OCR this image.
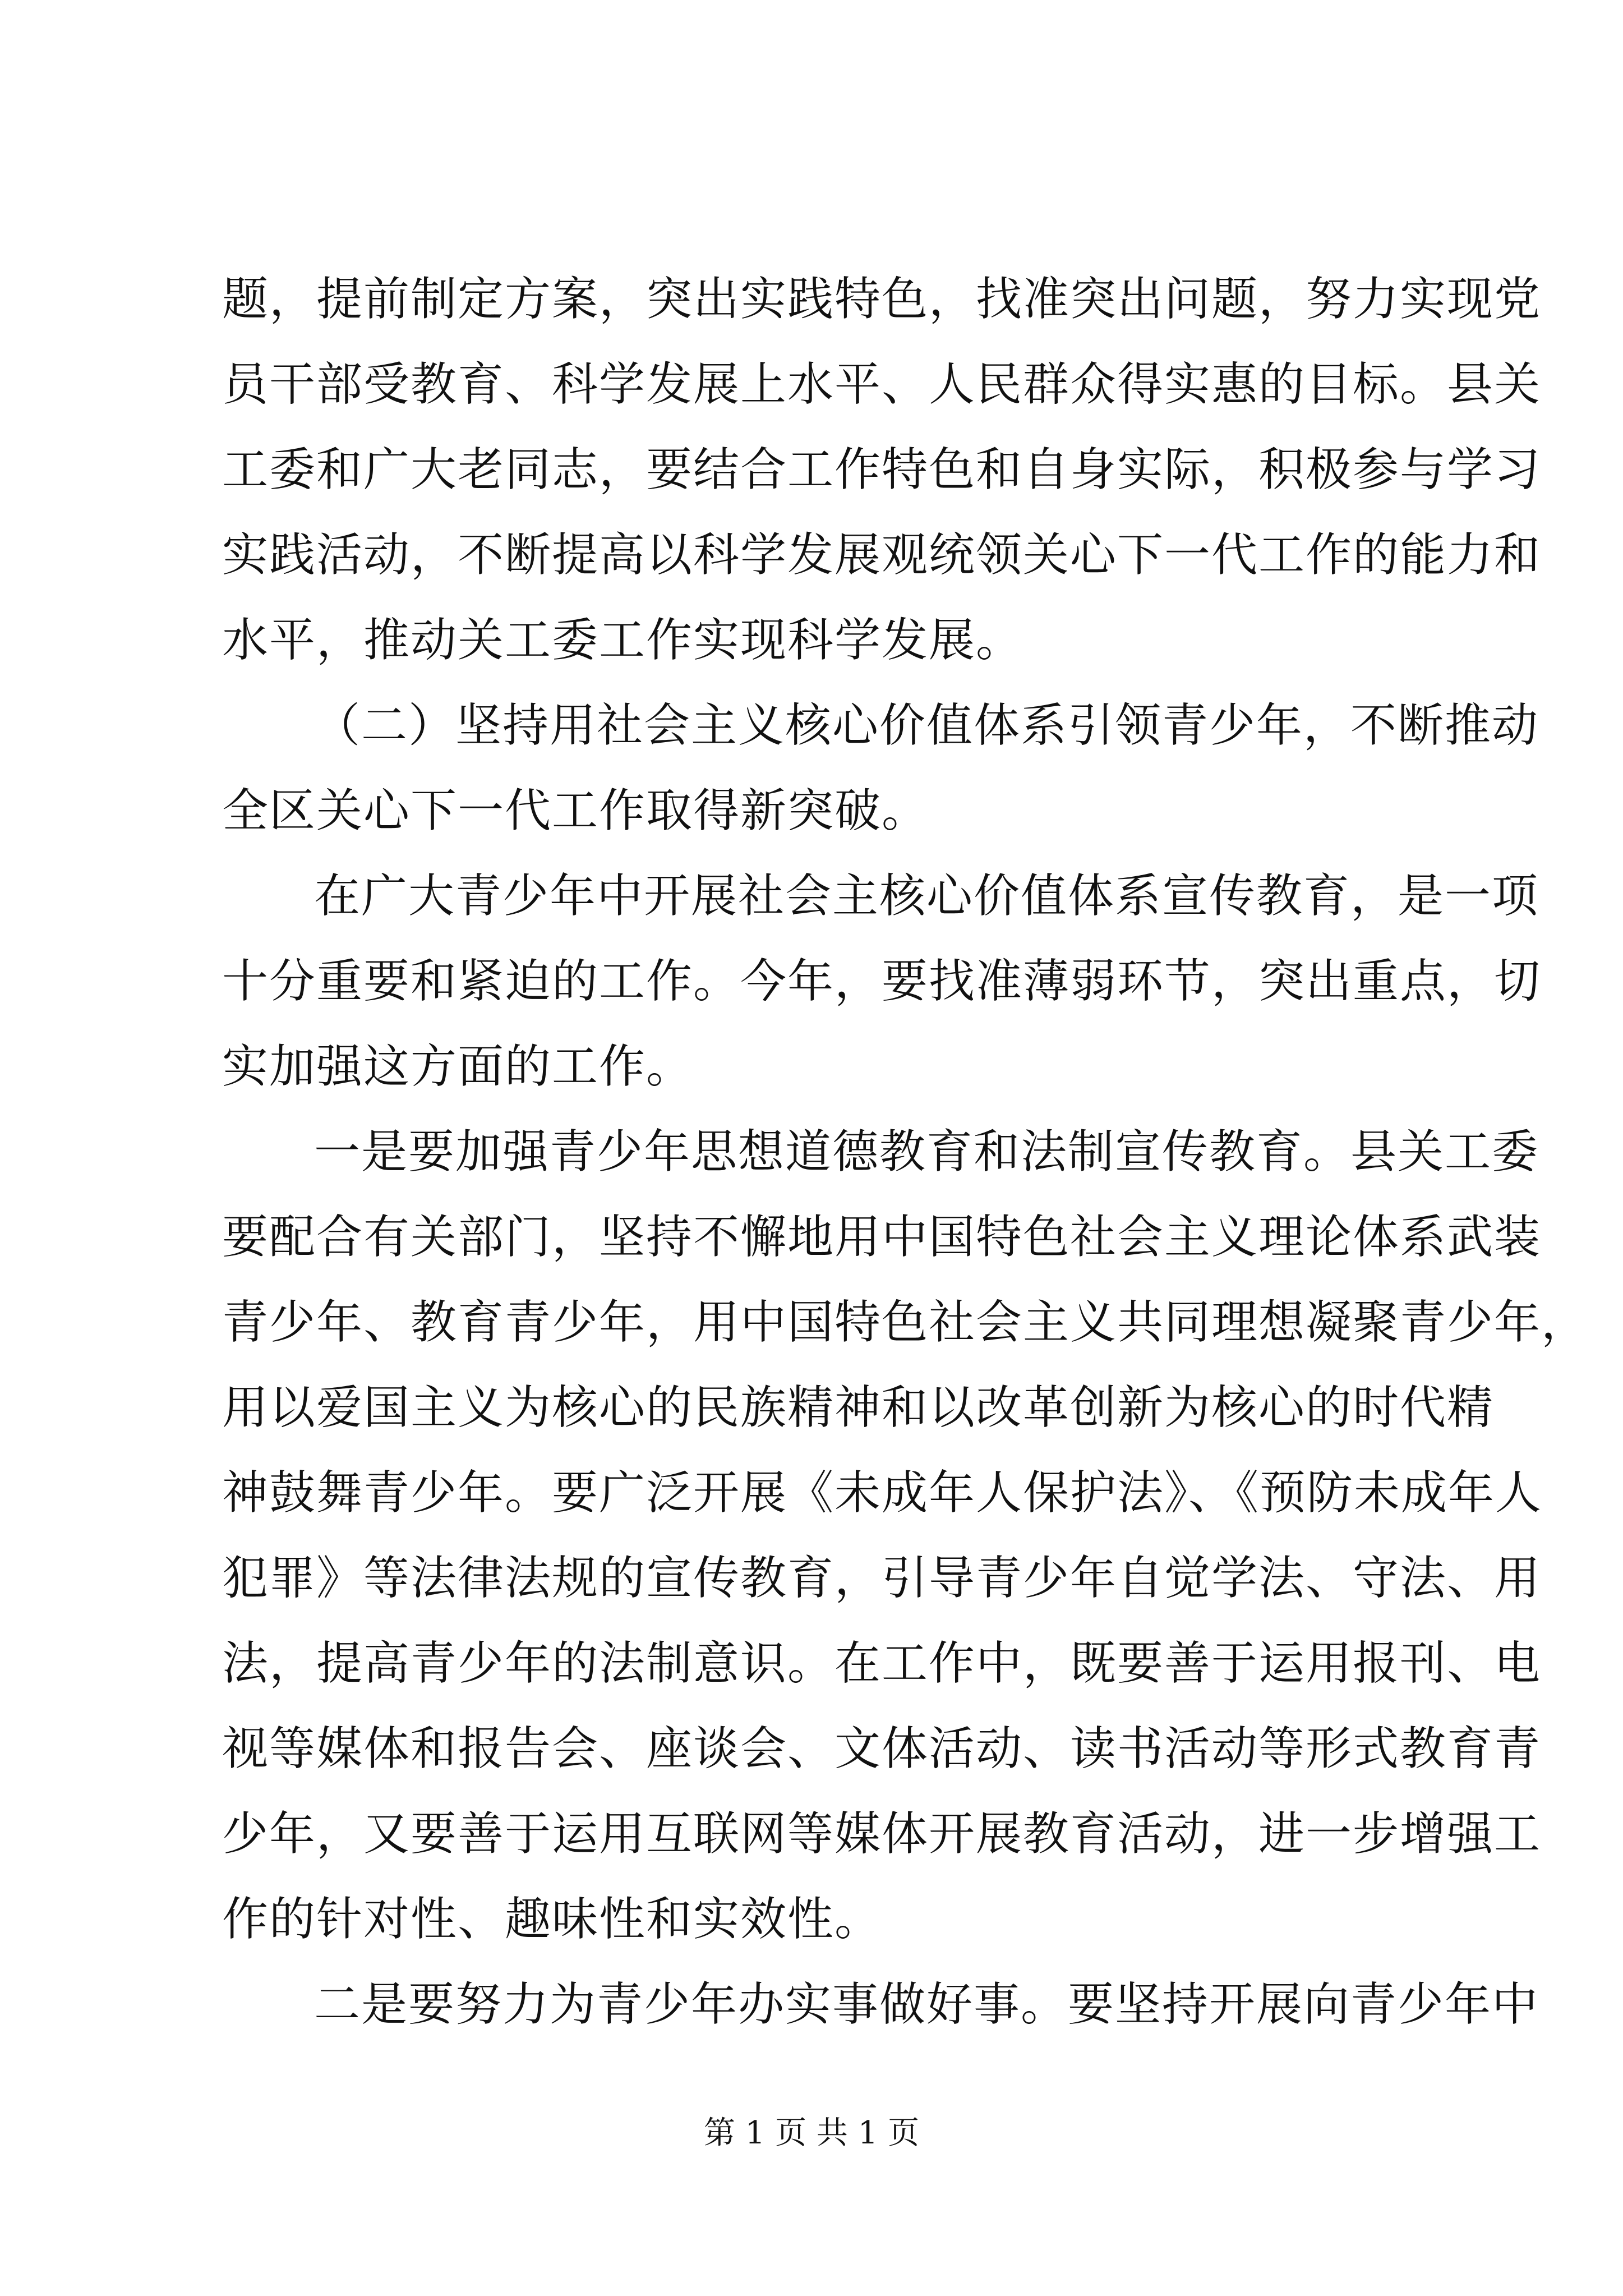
题，提前制定方案，突出实践特色，找准突出问题，努力实现党
员干部受教育、科学发展上水平、人民群众得实惠的目标。县关
工委和广大老同志，要结合工作特色和自身实际，积极参与学习
实践活动，不断提高以科学发展观统领关心下一代工作的能力和
水平，推动关工委工作实现科学发展。
（二）坚持用社会主义核心价值体系引领青少年，不断推动
全区关心下一代工作取得新突破。
在广大青少年中开展社会主核心价值体系宣传教育，是一项
十分重要和紧迫的工作。今年，要找准薄弱环节，突出重点，切
实加强这方面的工作。
一是要加强青少年思想道德教育和法制宣传教育。县关工委
要配合有关部门，坚持不懈地用中国特色社会主义理论体系武装
青少年、教育青少年，用中国特色社会主义共同理想凝聚青少年，
用以爱国主义为核心的民族精神和以改革创新为核心的时代精
神鼓舞青少年。要广泛开展《未成年人保护法》、《预防未成年人
犯罪》等法律法规的宣传教育，引导青少年自觉学法、守法、用
法，提高青少年的法制意识。在工作中，既要善于运用报刊、电
视等媒体和报告会、座谈会、文体活动、读书活动等形式教育青
少年，又要善于运用互联网等媒体开展教育活动，进一步增强工
作的针对性、趣味性和实效性。
二是要努力为青少年办实事做好事。要坚持开展向青少年中
第 1 页 共 1 页
